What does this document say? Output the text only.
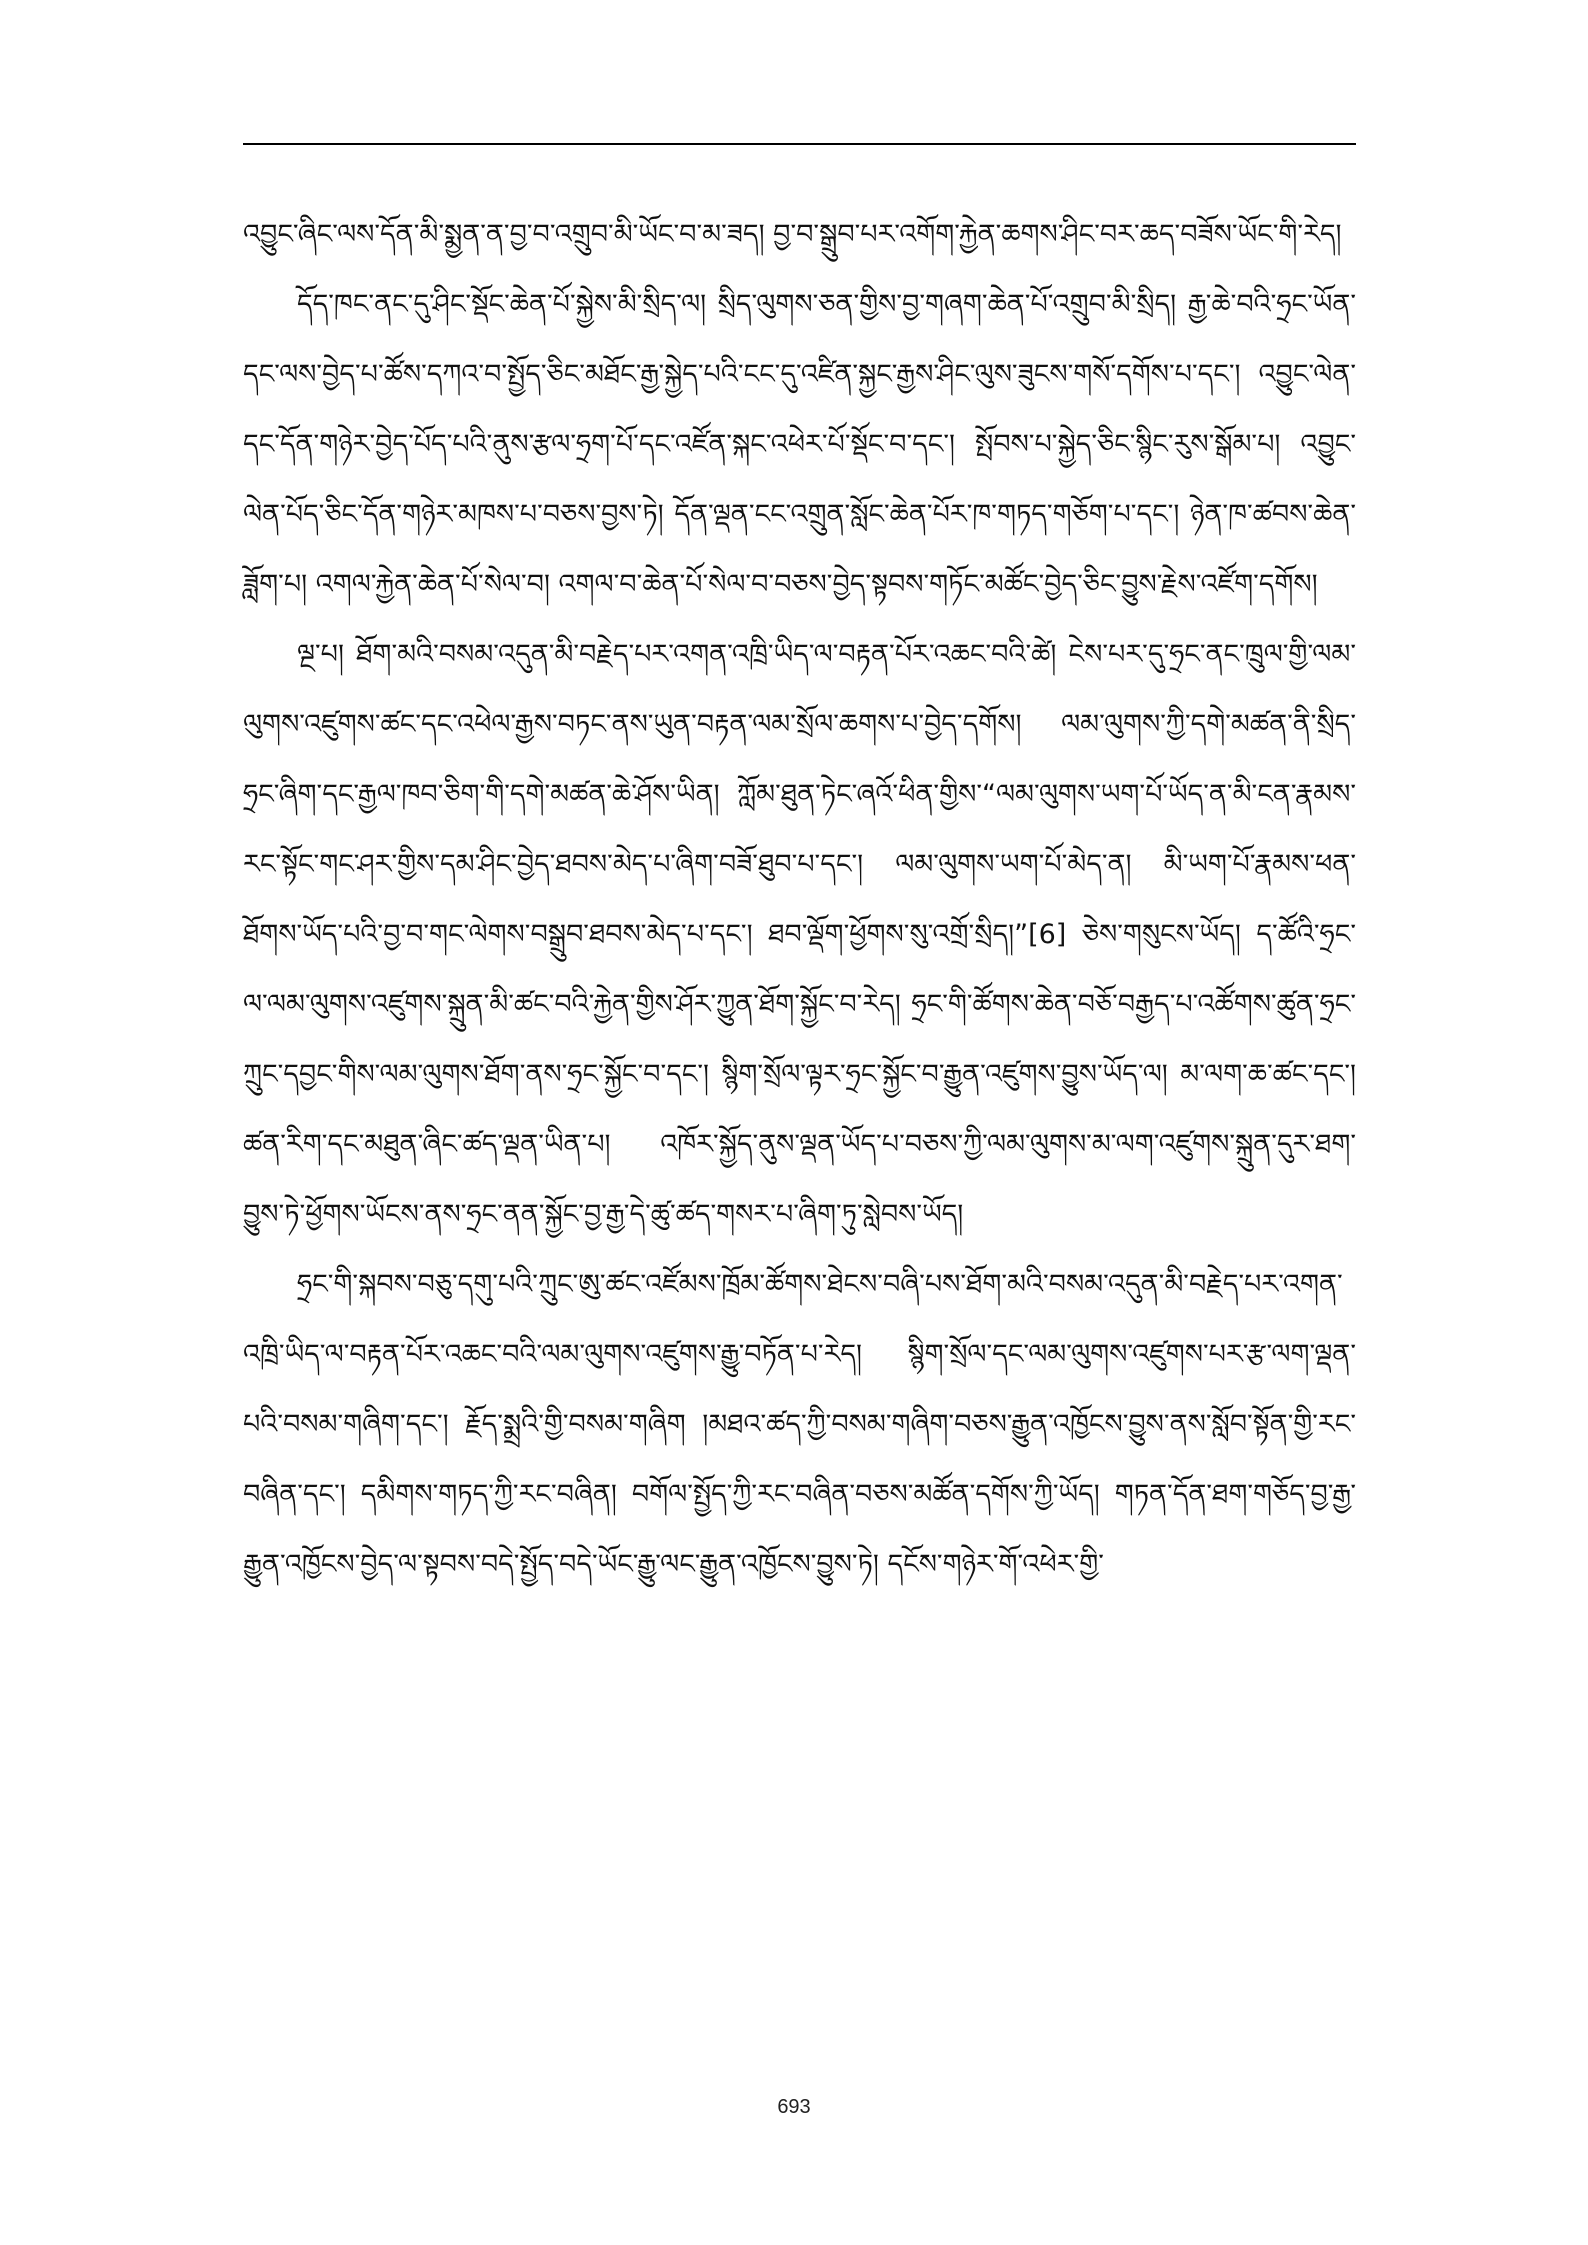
འབྱུང་ཞིང་ལས་དོན་མི་སྨྱན་ན་བྱ་བ་འགྲུབ་མི་ཡོང་བ་མ་ཟད། བྱ་བ་སྒྲུབ་པར་འགོག་རྐྱེན་ཆགས་ཤིང་བར་ཆད་བཟོས་ཡོང་གི་རེད།

དོད་ཁང་ནང་དུ་ཤིང་སྡོང་ཆེན་པོ་སྐྱེས་མི་སྲིད་ལ། སྲིད་ལུགས་ཅན་གྱིས་བྱ་གཞག་ཆེན་པོ་འགྲུབ་མི་སྲིད། རྒྱ་ཆེ་བའི་ཧྲང་ཡོན་དང་ལས་བྱེད་པ་ཚོས་དཀའ་བ་སྤྱོད་ཅིང་མཐོང་རྒྱ་སྐྱེད་པའི་ངང་དུ་འཛིན་སྐྱང་རྒྱས་ཤིང་ལུས་ཟུངས་གསོ་དགོས་པ་དང་། འབྱུང་ལེན་དང་དོན་གཉེར་བྱེད་པོད་པའི་ནུས་རྩལ་ཧྲག་པོ་དང་འཛོན་སྐང་འཕེར་པོ་སྡོང་བ་དང་། སྤོབས་པ་སྐྱེད་ཅིང་སྙིང་རུས་སྒོམ་པ། འབྱུང་ལེན་པོད་ཅིང་དོན་གཉེར་མཁས་པ་བཅས་བྱས་ཏེ། དོན་ལྡན་ངང་འགྲུན་སློང་ཆེན་པོར་ཁ་གཏད་གཅོག་པ་དང་། ཉེན་ཁ་ཚབས་ཆེན་ཟློག་པ། འགལ་རྐྱེན་ཆེན་པོ་སེལ་བ། འགལ་བ་ཆེན་པོ་སེལ་བ་བཅས་བྱེད་སྟབས་གཏོང་མཚོང་བྱེད་ཅིང་བྱུས་རྗེས་འཛོག་དགོས།

ལྔ་པ། ཐོག་མའི་བསམ་འདུན་མི་བརྗེད་པར་འགན་འཁྲི་ཡིད་ལ་བརྟན་པོར་འཆང་བའི་ཚེ། ངེས་པར་དུ་ཧྲང་ནང་ཁྲུལ་གྱི་ལམ་ལུགས་འཛུགས་ཚང་དང་འཕེལ་རྒྱས་བཏང་ནས་ཡུན་བརྟན་ལམ་སྲོལ་ཆགས་པ་བྱེད་དགོས། ལམ་ལུགས་ཀྱི་དགེ་མཚན་ནི་སྲིད་ཧྲང་ཞིག་དང་རྒྱལ་ཁབ་ཅིག་གི་དགེ་མཚན་ཆེ་ཤོས་ཡིན། ཀློམ་ཐུན་ཏེང་ཞའོ་ཕིན་གྱིས་“ལམ་ལུགས་ཡག་པོ་ཡོད་ན་མི་ངན་རྣམས་རང་སྟོང་གང་ཤར་གྱིས་དམ་ཤིང་བྱེད་ཐབས་མེད་པ་ཞིག་བཟོ་ཐུབ་པ་དང་། ལམ་ལུགས་ཡག་པོ་མེད་ན། མི་ཡག་པོ་རྣམས་ཕན་ཐོགས་ཡོད་པའི་བྱ་བ་གང་ལེགས་བསྒྲུབ་ཐབས་མེད་པ་དང་། ཐབ་ལྡོག་ཕྱོགས་སུ་འགྲོ་སྲིད།”[6] ཅེས་གསུངས་ཡོད། ད་ཚོའི་ཧྲང་ལ་ལམ་ལུགས་འཛུགས་སྐྲུན་མི་ཚང་བའི་རྐྱེན་གྱིས་ཤོར་ཀྱུན་ཐོག་སྐྱོང་བ་རེད། ཧྲང་གི་ཚོགས་ཆེན་བཅོ་བརྒྱད་པ་འཚོགས་ཚུན་ཧྲང་ཀྲུང་དབྱང་གིས་ལམ་ལུགས་ཐོག་ནས་ཧྲང་སྐྱོང་བ་དང་། སྙིག་སྲོལ་ལྟར་ཧྲང་སྐྱོང་བ་རྒྱུན་འཛུགས་བྱུས་ཡོད་ལ། མ་ལག་ཆ་ཚང་དང་། ཚན་རིག་དང་མཐུན་ཞིང་ཚད་ལྡན་ཡིན་པ། འཁོར་སྐྱོད་ནུས་ལྡན་ཡོད་པ་བཅས་ཀྱི་ལམ་ལུགས་མ་ལག་འཛུགས་སྐྲུན་དུར་ཐག་བྱུས་ཏེ་ཕྱོགས་ཡོངས་ནས་ཧྲང་ནན་སྐྱོང་བྱ་རྒྱ་དེ་ཚུ་ཚད་གསར་པ་ཞིག་ཏུ་སླེབས་ཡོད།

ཧྲང་གི་སྐབས་བཅུ་དགུ་པའི་ཀྲུང་ཨུ་ཚང་འཛོམས་ཁྲོམ་ཚོགས་ཐེངས་བཞི་པས་ཐོག་མའི་བསམ་འདུན་མི་བརྗེད་པར་འགན་འཁྲི་ཡིད་ལ་བརྟན་པོར་འཆང་བའི་ལམ་ལུགས་འཛུགས་རྒྱུ་བཏོན་པ་རེད། སྙིག་སྲོལ་དང་ལམ་ལུགས་འཛུགས་པར་རྩ་ལག་ལྡན་པའི་བསམ་གཞིག་དང་། རྗོད་སྨྲའི་གྱི་བསམ་གཞིག །མཐའ་ཚད་ཀྱི་བསམ་གཞིག་བཅས་རྒྱུན་འཁྱོངས་བྱུས་ནས་སློབ་སྟོན་གྱི་རང་བཞིན་དང་། དམིགས་གཏད་ཀྱི་རང་བཞིན། བགོལ་སྤྱོད་ཀྱི་རང་བཞིན་བཅས་མཚོན་དགོས་ཀྱི་ཡོད། གཏན་དོན་ཐག་གཅོད་བྱ་རྒྱ་རྒྱུན་འཁྱོངས་བྱེད་ལ་སྟབས་བདེ་སྤྱོད་བདེ་ཡོང་རྒྱུ་ལང་རྒྱུན་འཁྱོངས་བྱུས་ཏེ། དངོས་གཉེར་གོ་འཕེར་གྱི་

693
